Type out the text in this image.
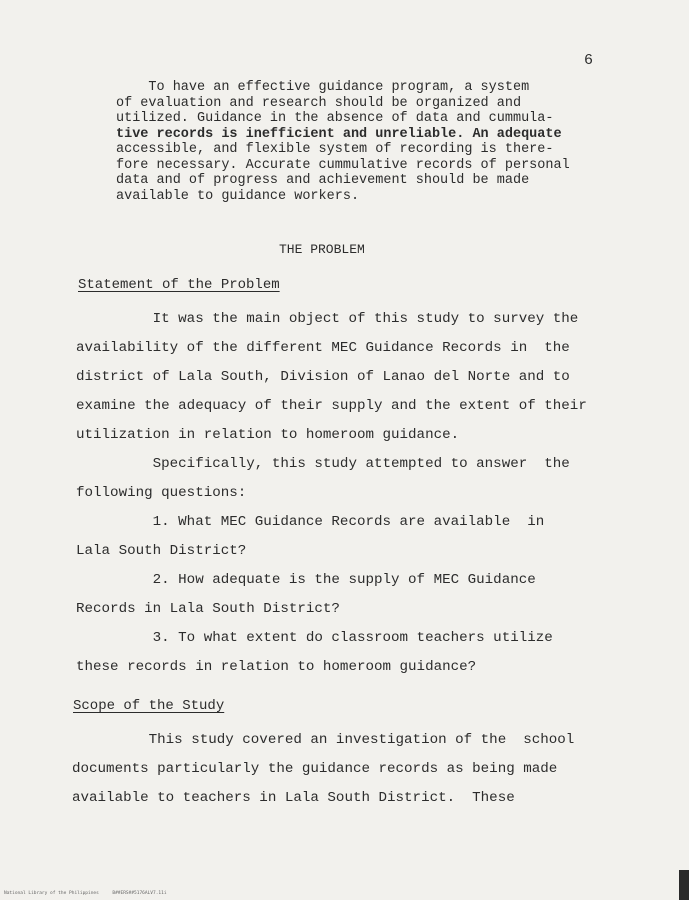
6
To have an effective guidance program, a system
of evaluation and research should be organized and
utilized. Guidance in the absence of data and cummula-
tive records is inefficient and unreliable. An adequate
accessible, and flexible system of recording is there-
fore necessary. Accurate cummulative records of personal
data and of progress and achievement should be made
available to guidance workers.
THE PROBLEM
Statement of the Problem
It was the main object of this study to survey the
availability of the different MEC Guidance Records in  the
district of Lala South, Division of Lanao del Norte and to
examine the adequacy of their supply and the extent of their
utilization in relation to homeroom guidance.
Specifically, this study attempted to answer  the
following questions:
1. What MEC Guidance Records are available  in
Lala South District?
2. How adequate is the supply of MEC Guidance
Records in Lala South District?
3. To what extent do classroom teachers utilize
these records in relation to homeroom guidance?
Scope of the Study
This study covered an investigation of the  school
documents particularly the guidance records as being made
available to teachers in Lala South District.  These
National Library of the Philippines     B##ERS##5176ALV7.11i
